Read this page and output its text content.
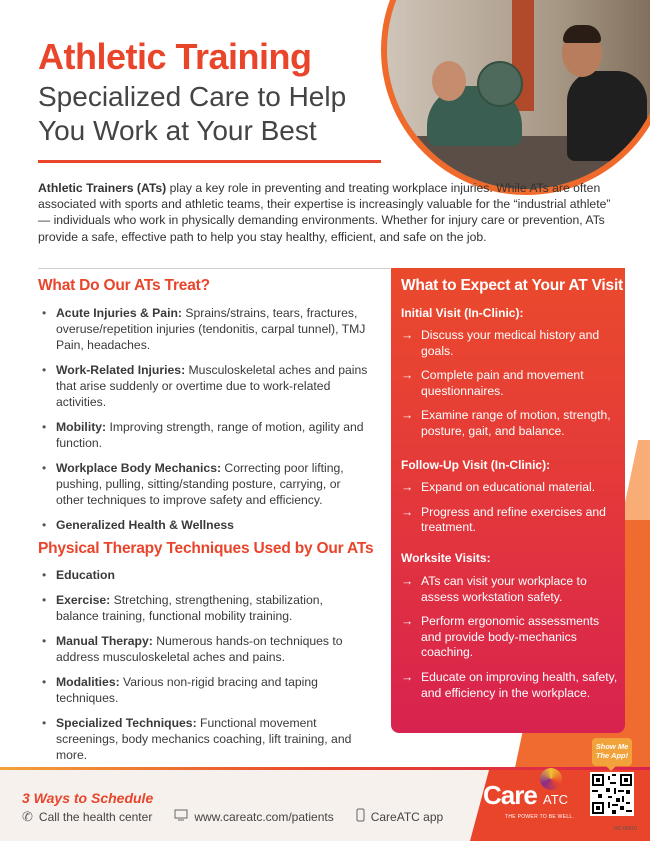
Athletic Training
Specialized Care to Help You Work at Your Best

Athletic Trainers (ATs) play a key role in preventing and treating workplace injuries. While ATs are often associated with sports and athletic teams, their expertise is increasingly valuable for the “industrial athlete” — individuals who work in physically demanding environments. Whether for injury care or prevention, ATs provide a safe, effective path to help you stay healthy, efficient, and safe on the job.

What Do Our ATs Treat?
• Acute Injuries & Pain: Sprains/strains, tears, fractures, overuse/repetition injuries (tendonitis, carpal tunnel), TMJ Pain, headaches.
• Work-Related Injuries: Musculoskeletal aches and pains that arise suddenly or overtime due to work-related activities.
• Mobility: Improving strength, range of motion, agility and function.
• Workplace Body Mechanics: Correcting poor lifting, pushing, pulling, sitting/standing posture, carrying, or other techniques to improve safety and efficiency.
• Generalized Health & Wellness
Physical Therapy Techniques Used by Our ATs
• Education
• Exercise: Stretching, strengthening, stabilization, balance training, functional mobility training.
• Manual Therapy: Numerous hands-on techniques to address musculoskeletal aches and pains.
• Modalities: Various non-rigid bracing and taping techniques.
• Specialized Techniques: Functional movement screenings, body mechanics coaching, lift training, and more.
What to Expect at Your AT Visit
Initial Visit (In-Clinic):
→ Discuss your medical history and goals.
→ Complete pain and movement questionnaires.
→ Examine range of motion, strength, posture, gait, and balance.
Follow-Up Visit (In-Clinic):
→ Expand on educational material.
→ Progress and refine exercises and treatment.
Worksite Visits:
→ ATs can visit your workplace to assess workstation safety.
→ Perform ergonomic assessments and provide body-mechanics coaching.
→ Educate on improving health, safety, and efficiency in the workplace.
3 Ways to Schedule
✆ Call the health center	www.careatc.com/patients	CareATC app
Care ATC
THE POWER TO BE WELL.
Show Me The App!
HC-00610
